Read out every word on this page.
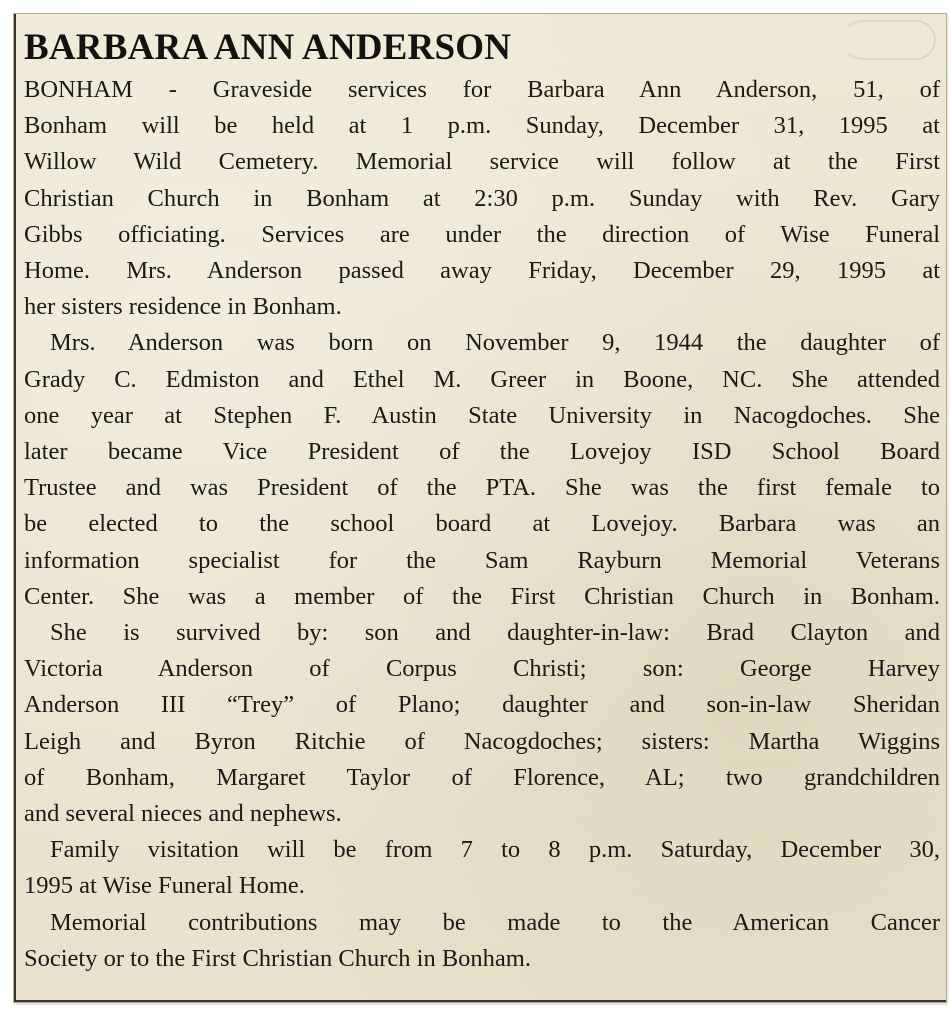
BARBARA ANN ANDERSON

BONHAM - Graveside services for Barbara Ann Anderson, 51, of
Bonham will be held at 1 p.m. Sunday, December 31, 1995 at
Willow Wild Cemetery. Memorial service will follow at the First
Christian Church in Bonham at 2:30 p.m. Sunday with Rev. Gary
Gibbs officiating. Services are under the direction of Wise Funeral
Home. Mrs. Anderson passed away Friday, December 29, 1995 at
her sisters residence in Bonham.

Mrs. Anderson was born on November 9, 1944 the daughter of
Grady C. Edmiston and Ethel M. Greer in Boone, NC. She attended
one year at Stephen F. Austin State University in Nacogdoches. She
later became Vice President of the Lovejoy ISD School Board
Trustee and was President of the PTA. She was the first female to
be elected to the school board at Lovejoy. Barbara was an
information specialist for the Sam Rayburn Memorial Veterans
Center. She was a member of the First Christian Church in Bonham.

She is survived by: son and daughter-in-law: Brad Clayton and
Victoria Anderson of Corpus Christi; son: George Harvey
Anderson III “Trey” of Plano; daughter and son-in-law Sheridan
Leigh and Byron Ritchie of Nacogdoches; sisters: Martha Wiggins
of Bonham, Margaret Taylor of Florence, AL; two grandchildren
and several nieces and nephews.

Family visitation will be from 7 to 8 p.m. Saturday, December 30,
1995 at Wise Funeral Home.

Memorial contributions may be made to the American Cancer
Society or to the First Christian Church in Bonham.
